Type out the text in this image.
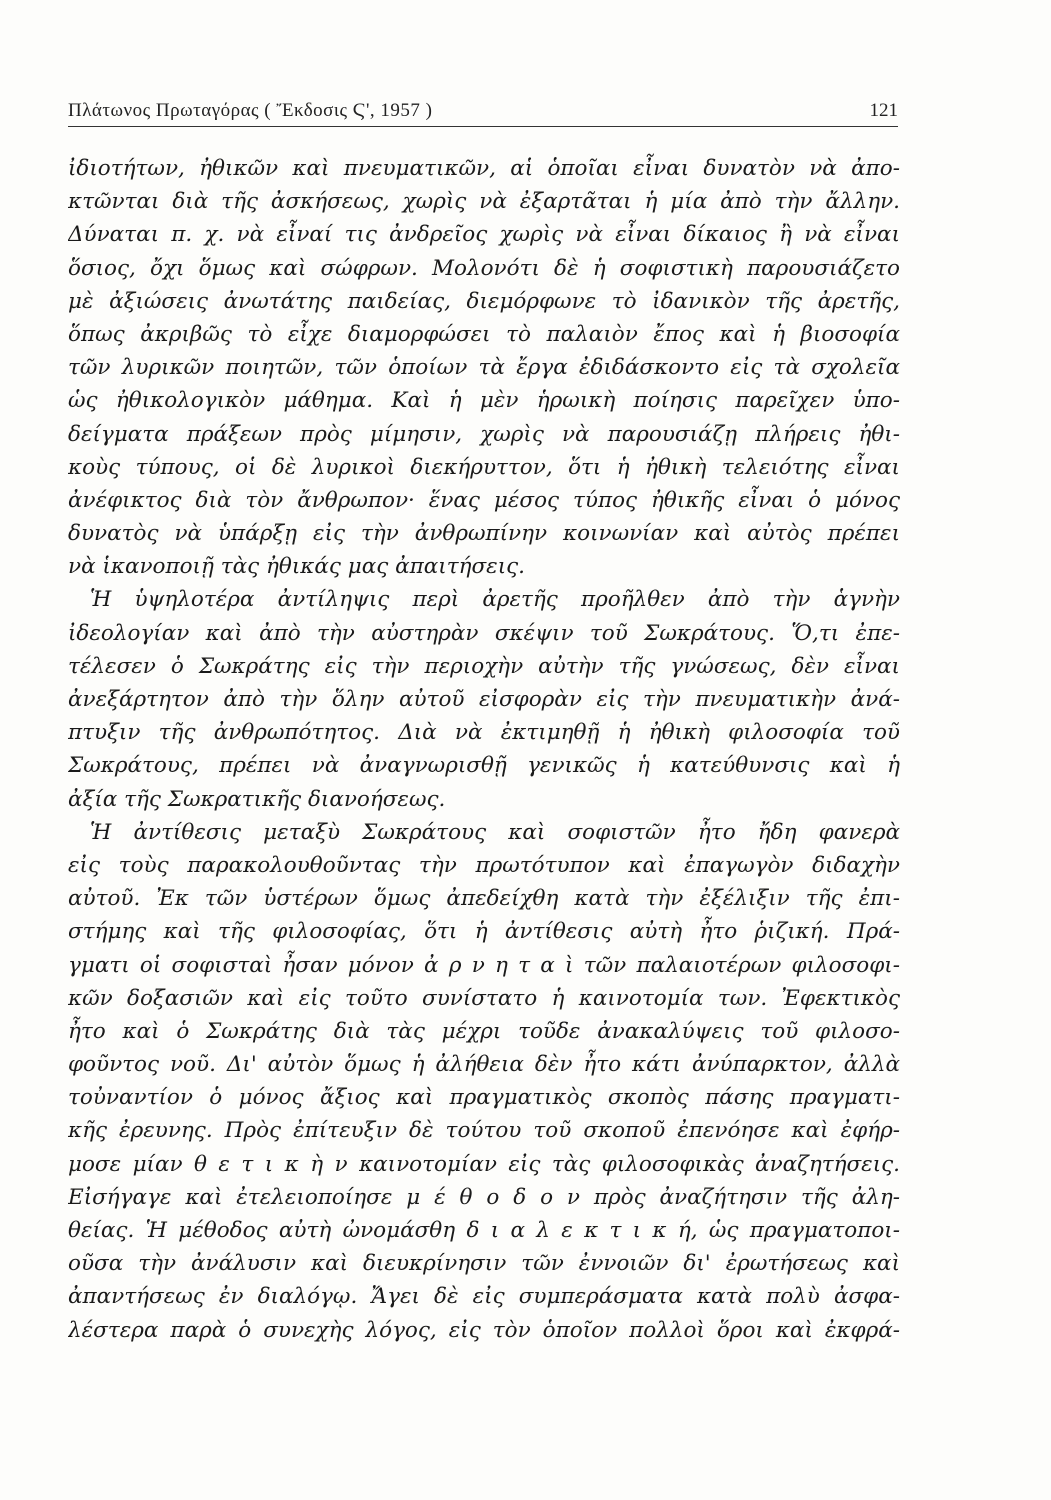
Πλάτωνος Πρωταγόρας ( Ἔκδοσις Ϛ', 1957 )	121
ἰδιοτήτων, ἠθικῶν καὶ πνευματικῶν, αἱ ὁποῖαι εἶναι δυνατὸν νὰ ἀπο-
κτῶνται διὰ τῆς ἀσκήσεως, χωρὶς νὰ ἐξαρτᾶται ἡ μία ἀπὸ τὴν ἄλλην.
Δύναται π. χ. νὰ εἶναί τις ἀνδρεῖος χωρὶς νὰ εἶναι δίκαιος ἢ νὰ εἶναι
ὅσιος, ὄχι ὅμως καὶ σώφρων. Μολονότι δὲ ἡ σοφιστικὴ παρουσιάζετο
μὲ ἀξιώσεις ἀνωτάτης παιδείας, διεμόρφωνε τὸ ἰδανικὸν τῆς ἀρετῆς,
ὅπως ἀκριβῶς τὸ εἶχε διαμορφώσει τὸ παλαιὸν ἔπος καὶ ἡ βιοσοφία
τῶν λυρικῶν ποιητῶν, τῶν ὁποίων τὰ ἔργα ἐδιδάσκοντο εἰς τὰ σχολεῖα
ὡς ἠθικολογικὸν μάθημα. Καὶ ἡ μὲν ἡρωικὴ ποίησις παρεῖχεν ὑπο-
δείγματα πράξεων πρὸς μίμησιν, χωρὶς νὰ παρουσιάζῃ πλήρεις ἠθι-
κοὺς τύπους, οἱ δὲ λυρικοὶ διεκήρυττον, ὅτι ἡ ἠθικὴ τελειότης εἶναι
ἀνέφικτος διὰ τὸν ἄνθρωπον· ἕνας μέσος τύπος ἠθικῆς εἶναι ὁ μόνος
δυνατὸς νὰ ὑπάρξῃ εἰς τὴν ἀνθρωπίνην κοινωνίαν καὶ αὐτὸς πρέπει
νὰ ἱκανοποιῇ τὰς ἠθικάς μας ἀπαιτήσεις.
Ἡ ὑψηλοτέρα ἀντίληψις περὶ ἀρετῆς προῆλθεν ἀπὸ τὴν ἁγνὴν
ἰδεολογίαν καὶ ἀπὸ τὴν αὐστηρὰν σκέψιν τοῦ Σωκράτους. Ὅ,τι ἐπε-
τέλεσεν ὁ Σωκράτης εἰς τὴν περιοχὴν αὐτὴν τῆς γνώσεως, δὲν εἶναι
ἀνεξάρτητον ἀπὸ τὴν ὅλην αὐτοῦ εἰσφορὰν εἰς τὴν πνευματικὴν ἀνά-
πτυξιν τῆς ἀνθρωπότητος. Διὰ νὰ ἐκτιμηθῇ ἡ ἠθικὴ φιλοσοφία τοῦ
Σωκράτους, πρέπει νὰ ἀναγνωρισθῇ γενικῶς ἡ κατεύθυνσις καὶ ἡ
ἀξία τῆς Σωκρατικῆς διανοήσεως.
Ἡ ἀντίθεσις μεταξὺ Σωκράτους καὶ σοφιστῶν ἦτο ἤδη φανερὰ
εἰς τοὺς παρακολουθοῦντας τὴν πρωτότυπον καὶ ἐπαγωγὸν διδαχὴν
αὐτοῦ. Ἐκ τῶν ὑστέρων ὅμως ἀπεδείχθη κατὰ τὴν ἐξέλιξιν τῆς ἐπι-
στήμης καὶ τῆς φιλοσοφίας, ὅτι ἡ ἀντίθεσις αὐτὴ ἦτο ῥιζική. Πρά-
γματι οἱ σοφισταὶ ἦσαν μόνον ἀ ρ ν η τ α ὶ τῶν παλαιοτέρων φιλοσοφι-
κῶν δοξασιῶν καὶ εἰς τοῦτο συνίστατο ἡ καινοτομία των. Ἐφεκτικὸς
ἦτο καὶ ὁ Σωκράτης διὰ τὰς μέχρι τοῦδε ἀνακαλύψεις τοῦ φιλοσο-
φοῦντος νοῦ. Δι' αὐτὸν ὅμως ἡ ἀλήθεια δὲν ἦτο κάτι ἀνύπαρκτον, ἀλλὰ
τοὐναντίον ὁ μόνος ἄξιος καὶ πραγματικὸς σκοπὸς πάσης πραγματι-
κῆς ἐρευνης. Πρὸς ἐπίτευξιν δὲ τούτου τοῦ σκοποῦ ἐπενόησε καὶ ἐφήρ-
μοσε μίαν θ ε τ ι κ ὴ ν καινοτομίαν εἰς τὰς φιλοσοφικὰς ἀναζητήσεις.
Εἰσήγαγε καὶ ἐτελειοποίησε μ έ θ ο δ ο ν πρὸς ἀναζήτησιν τῆς ἀλη-
θείας. Ἡ μέθοδος αὐτὴ ὠνομάσθη δ ι α λ ε κ τ ι κ ή, ὡς πραγματοποι-
οῦσα τὴν ἀνάλυσιν καὶ διευκρίνησιν τῶν ἐννοιῶν δι' ἐρωτήσεως καὶ
ἀπαντήσεως ἐν διαλόγῳ. Ἄγει δὲ εἰς συμπεράσματα κατὰ πολὺ ἀσφα-
λέστερα παρὰ ὁ συνεχὴς λόγος, εἰς τὸν ὁποῖον πολλοὶ ὅροι καὶ ἐκφρά-
